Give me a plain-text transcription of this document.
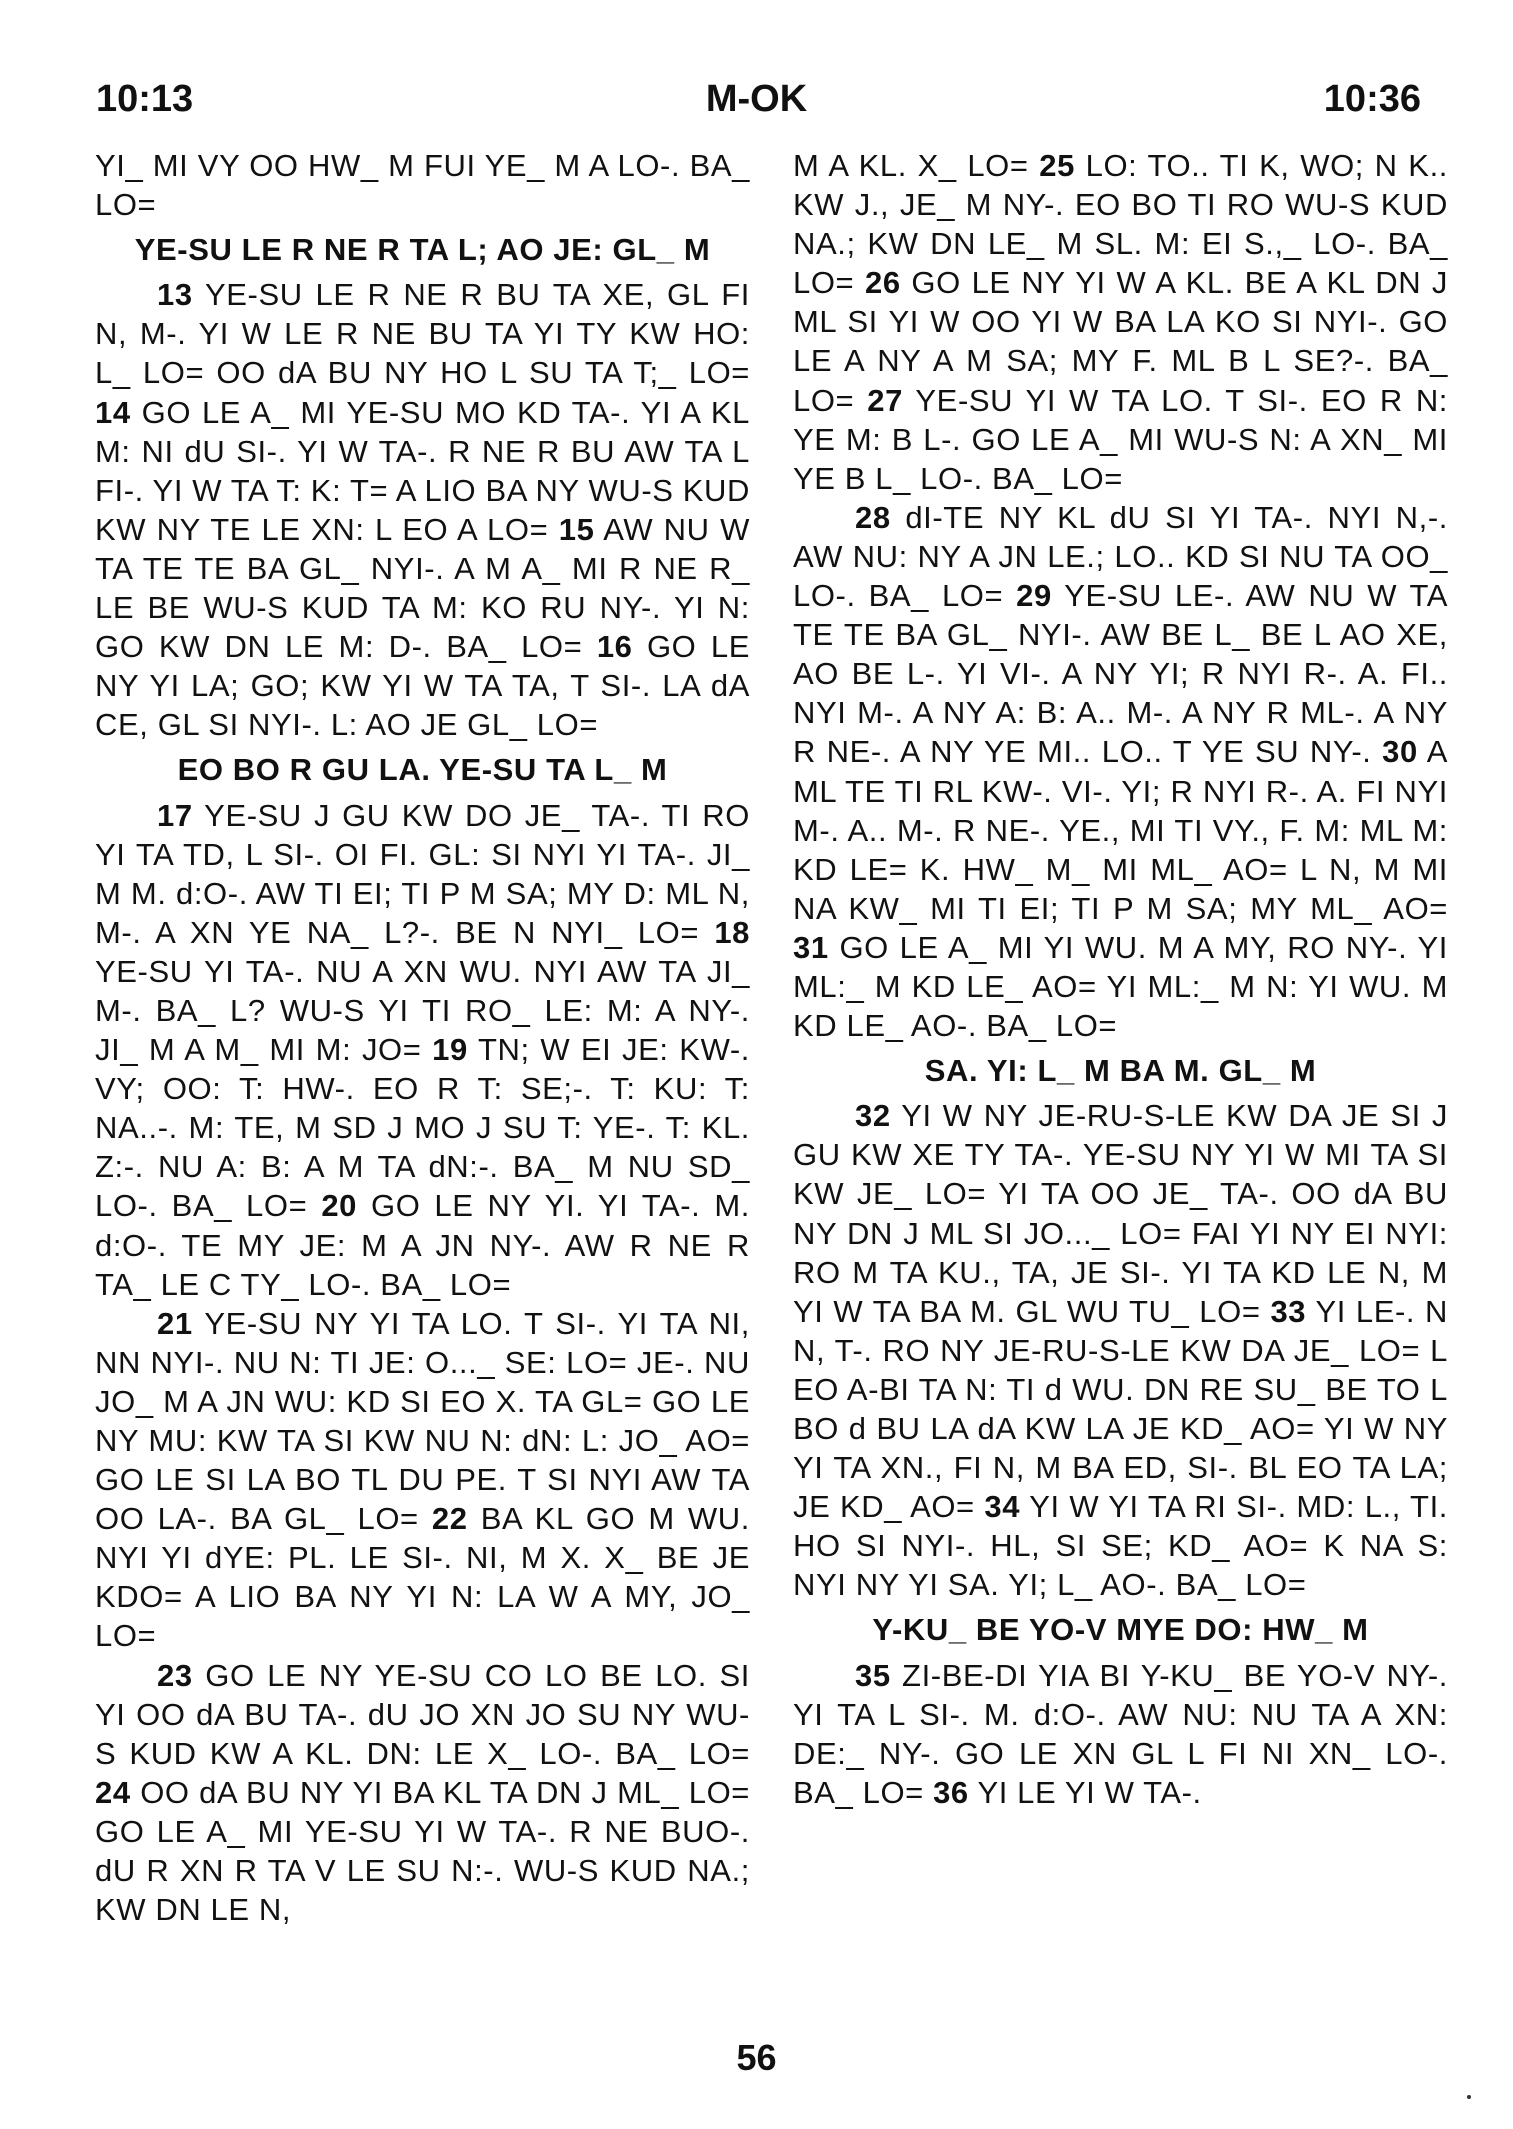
10:13	M-OK	10:36

YI_ MI VY OO HW_ M FUI YE_ M A LO-. BA_ LO=

YE-SU LE R NE R TA L; AO JE: GL_ M

13 YE-SU LE R NE R BU TA XE, GL FI N, M-. YI W LE R NE BU TA YI TY KW HO: L_ LO= OO dA BU NY HO L SU TA T;_ LO= 14 GO LE A_ MI YE-SU MO KD TA-. YI A KL M: NI dU SI-. YI W TA-. R NE R BU AW TA L FI-. YI W TA T: K: T= A LIO BA NY WU-S KUD KW NY TE LE XN: L EO A LO= 15 AW NU W TA TE TE BA GL_ NYI-. A M A_ MI R NE R_ LE BE WU-S KUD TA M: KO RU NY-. YI N: GO KW DN LE M: D-. BA_ LO= 16 GO LE NY YI LA; GO; KW YI W TA TA, T SI-. LA dA CE, GL SI NYI-. L: AO JE GL_ LO=

EO BO R GU LA. YE-SU TA L_ M

17 YE-SU J GU KW DO JE_ TA-. TI RO YI TA TD, L SI-. OI FI. GL: SI NYI YI TA-. JI_ M M. d:O-. AW TI EI; TI P M SA; MY D: ML N, M-. A XN YE NA_ L?-. BE N NYI_ LO= 18 YE-SU YI TA-. NU A XN WU. NYI AW TA JI_ M-. BA_ L? WU-S YI TI RO_ LE: M: A NY-. JI_ M A M_ MI M: JO= 19 TN; W EI JE: KW-. VY; OO: T: HW-. EO R T: SE;-. T: KU: T: NA..-. M: TE, M SD J MO J SU T: YE-. T: KL. Z:-. NU A: B: A M TA dN:-. BA_ M NU SD_ LO-. BA_ LO= 20 GO LE NY YI. YI TA-. M. d:O-. TE MY JE: M A JN NY-. AW R NE R TA_ LE C TY_ LO-. BA_ LO=

21 YE-SU NY YI TA LO. T SI-. YI TA NI, NN NYI-. NU N: TI JE: O..._ SE: LO= JE-. NU JO_ M A JN WU: KD SI EO X. TA GL= GO LE NY MU: KW TA SI KW NU N: dN: L: JO_ AO= GO LE SI LA BO TL DU PE. T SI NYI AW TA OO LA-. BA GL_ LO= 22 BA KL GO M WU. NYI YI dYE: PL. LE SI-. NI, M X. X_ BE JE KDO= A LIO BA NY YI N: LA W A MY, JO_ LO=

23 GO LE NY YE-SU CO LO BE LO. SI YI OO dA BU TA-. dU JO XN JO SU NY WU-S KUD KW A KL. DN: LE X_ LO-. BA_ LO= 24 OO dA BU NY YI BA KL TA DN J ML_ LO= GO LE A_ MI YE-SU YI W TA-. R NE BUO-. dU R XN R TA V LE SU N:-. WU-S KUD NA.; KW DN LE N,

M A KL. X_ LO= 25 LO: TO.. TI K, WO; N K.. KW J., JE_ M NY-. EO BO TI RO WU-S KUD NA.; KW DN LE_ M SL. M: EI S.,_ LO-. BA_ LO= 26 GO LE NY YI W A KL. BE A KL DN J ML SI YI W OO YI W BA LA KO SI NYI-. GO LE A NY A M SA; MY F. ML B L SE?-. BA_ LO= 27 YE-SU YI W TA LO. T SI-. EO R N: YE M: B L-. GO LE A_ MI WU-S N: A XN_ MI YE B L_ LO-. BA_ LO=

28 dI-TE NY KL dU SI YI TA-. NYI N,-. AW NU: NY A JN LE.; LO.. KD SI NU TA OO_ LO-. BA_ LO= 29 YE-SU LE-. AW NU W TA TE TE BA GL_ NYI-. AW BE L_ BE L AO XE, AO BE L-. YI VI-. A NY YI; R NYI R-. A. FI.. NYI M-. A NY A: B: A.. M-. A NY R ML-. A NY R NE-. A NY YE MI.. LO.. T YE SU NY-. 30 A ML TE TI RL KW-. VI-. YI; R NYI R-. A. FI NYI M-. A.. M-. R NE-. YE., MI TI VY., F. M: ML M: KD LE= K. HW_ M_ MI ML_ AO= L N, M MI NA KW_ MI TI EI; TI P M SA; MY ML_ AO= 31 GO LE A_ MI YI WU. M A MY, RO NY-. YI ML:_ M KD LE_ AO= YI ML:_ M N: YI WU. M KD LE_ AO-. BA_ LO=

SA. YI: L_ M BA M. GL_ M

32 YI W NY JE-RU-S-LE KW DA JE SI J GU KW XE TY TA-. YE-SU NY YI W MI TA SI KW JE_ LO= YI TA OO JE_ TA-. OO dA BU NY DN J ML SI JO..._ LO= FAI YI NY EI NYI: RO M TA KU., TA, JE SI-. YI TA KD LE N, M YI W TA BA M. GL WU TU_ LO= 33 YI LE-. N N, T-. RO NY JE-RU-S-LE KW DA JE_ LO= L EO A-BI TA N: TI d WU. DN RE SU_ BE TO L BO d BU LA dA KW LA JE KD_ AO= YI W NY YI TA XN., FI N, M BA ED, SI-. BL EO TA LA; JE KD_ AO= 34 YI W YI TA RI SI-. MD: L., TI. HO SI NYI-. HL, SI SE; KD_ AO= K NA S: NYI NY YI SA. YI; L_ AO-. BA_ LO=

Y-KU_ BE YO-V MYE DO: HW_ M

35 ZI-BE-DI YIA BI Y-KU_ BE YO-V NY-. YI TA L SI-. M. d:O-. AW NU: NU TA A XN: DE:_ NY-. GO LE XN GL L FI NI XN_ LO-. BA_ LO= 36 YI LE YI W TA-.

56
